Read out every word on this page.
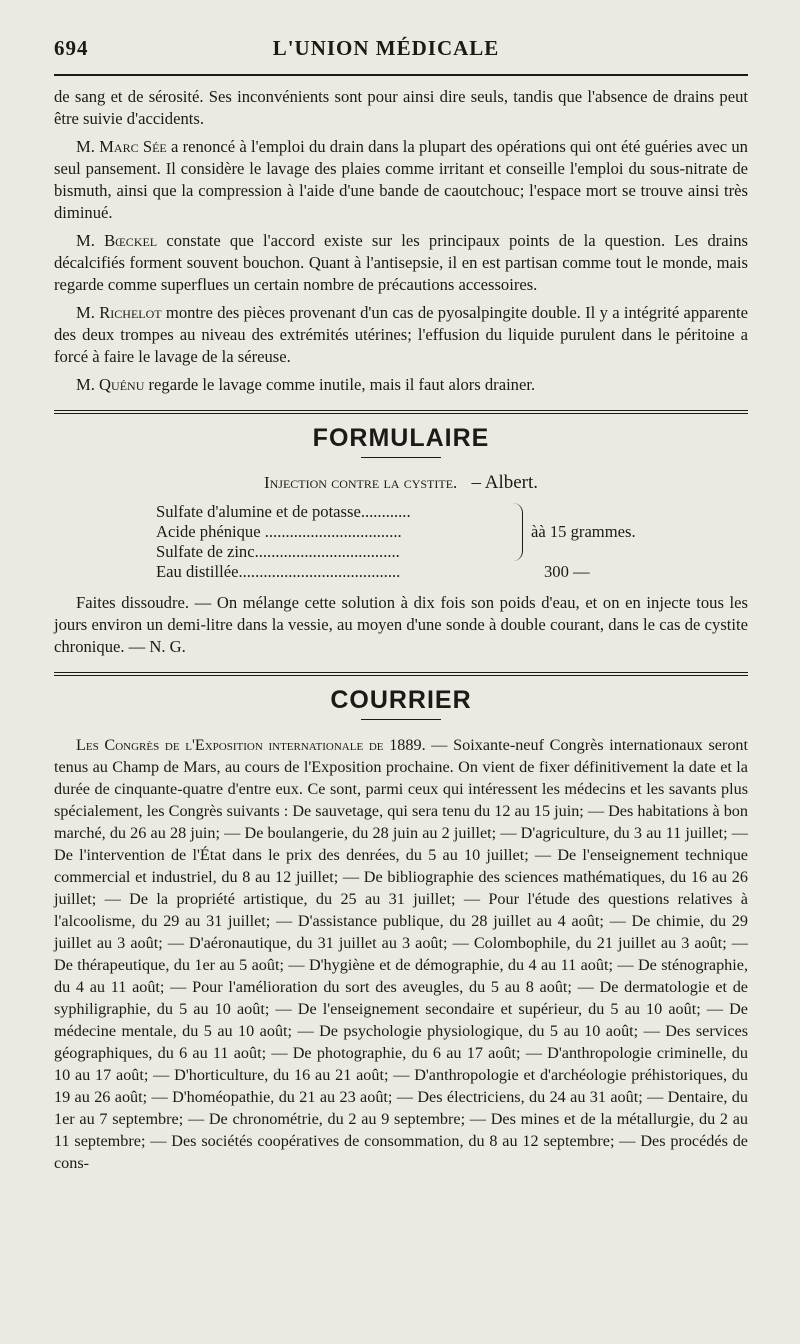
694	L'UNION MÉDICALE

de sang et de sérosité. Ses inconvénients sont pour ainsi dire seuls, tandis que l'absence de drains peut être suivie d'accidents.

M. Marc Sée a renoncé à l'emploi du drain dans la plupart des opérations qui ont été guéries avec un seul pansement. Il considère le lavage des plaies comme irritant et conseille l'emploi du sous-nitrate de bismuth, ainsi que la compression à l'aide d'une bande de caoutchouc; l'espace mort se trouve ainsi très diminué.

M. Bœckel constate que l'accord existe sur les principaux points de la question. Les drains décalcifiés forment souvent bouchon. Quant à l'antisepsie, il en est partisan comme tout le monde, mais regarde comme superflues un certain nombre de précautions accessoires.

M. Richelot montre des pièces provenant d'un cas de pyosalpingite double. Il y a intégrité apparente des deux trompes au niveau des extrémités utérines; l'effusion du liquide purulent dans le péritoine a forcé à faire le lavage de la séreuse.

M. Quénu regarde le lavage comme inutile, mais il faut alors drainer.

FORMULAIRE
Injection contre la cystite. – Albert.
Sulfate d'alumine et de potasse............
Acide phénique .................................
Sulfate de zinc...................................
àà 15 grammes.
Eau distillée.......................................	300 —

Faites dissoudre. — On mélange cette solution à dix fois son poids d'eau, et on en injecte tous les jours environ un demi-litre dans la vessie, au moyen d'une sonde à double courant, dans le cas de cystite chronique. — N. G.

COURRIER

Les Congrès de l'Exposition internationale de 1889. — Soixante-neuf Congrès internationaux seront tenus au Champ de Mars, au cours de l'Exposition prochaine. On vient de fixer définitivement la date et la durée de cinquante-quatre d'entre eux. Ce sont, parmi ceux qui intéressent les médecins et les savants plus spécialement, les Congrès suivants : De sauvetage, qui sera tenu du 12 au 15 juin; — Des habitations à bon marché, du 26 au 28 juin; — De boulangerie, du 28 juin au 2 juillet; — D'agriculture, du 3 au 11 juillet; — De l'intervention de l'État dans le prix des denrées, du 5 au 10 juillet; — De l'enseignement technique commercial et industriel, du 8 au 12 juillet; — De bibliographie des sciences mathématiques, du 16 au 26 juillet; — De la propriété artistique, du 25 au 31 juillet; — Pour l'étude des questions relatives à l'alcoolisme, du 29 au 31 juillet; — D'assistance publique, du 28 juillet au 4 août; — De chimie, du 29 juillet au 3 août; — D'aéronautique, du 31 juillet au 3 août; — Colombophile, du 21 juillet au 3 août; — De thérapeutique, du 1er au 5 août; — D'hygiène et de démographie, du 4 au 11 août; — De sténographie, du 4 au 11 août; — Pour l'amélioration du sort des aveugles, du 5 au 8 août; — De dermatologie et de syphiligraphie, du 5 au 10 août; — De l'enseignement secondaire et supérieur, du 5 au 10 août; — De médecine mentale, du 5 au 10 août; — De psychologie physiologique, du 5 au 10 août; — Des services géographiques, du 6 au 11 août; — De photographie, du 6 au 17 août; — D'anthropologie criminelle, du 10 au 17 août; — D'horticulture, du 16 au 21 août; — D'anthropologie et d'archéologie préhistoriques, du 19 au 26 août; — D'homéopathie, du 21 au 23 août; — Des électriciens, du 24 au 31 août; — Dentaire, du 1er au 7 septembre; — De chronométrie, du 2 au 9 septembre; — Des mines et de la métallurgie, du 2 au 11 septembre; — Des sociétés coopératives de consommation, du 8 au 12 septembre; — Des procédés de cons-
